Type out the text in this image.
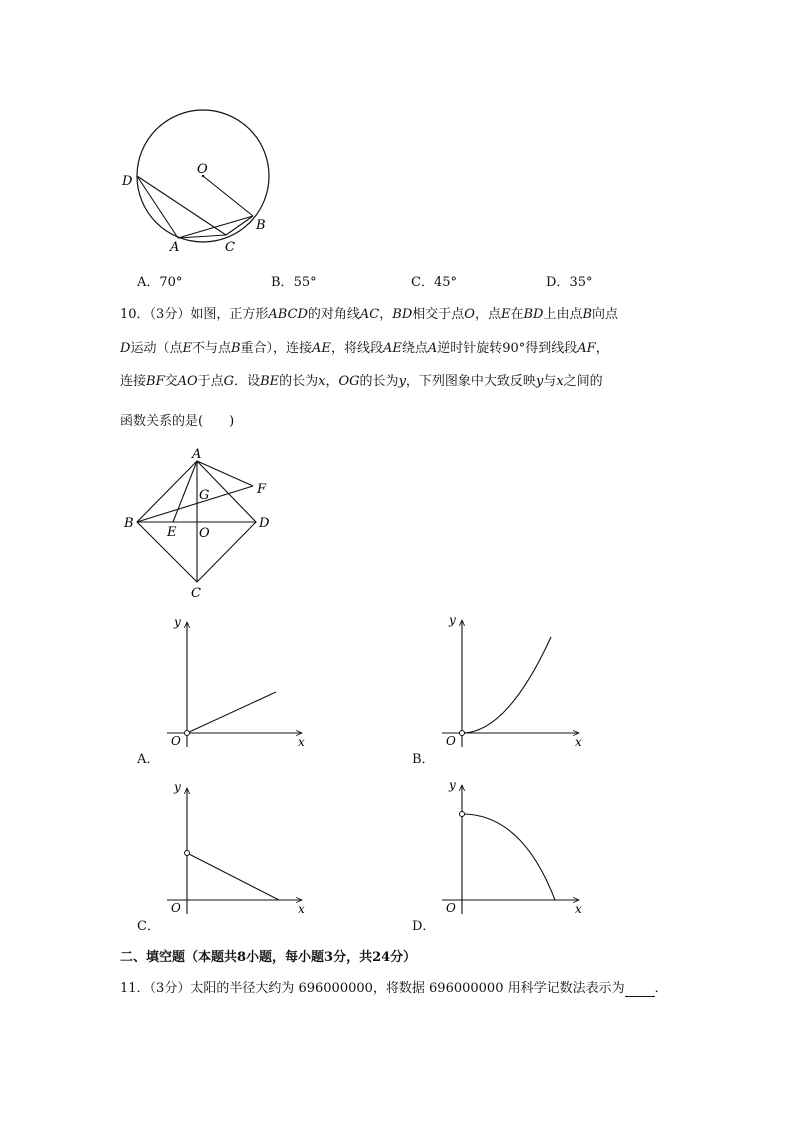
O
D
A	C
B
A．70°	B．55°	C．45°	D．35°
10．（3分）如图，正方形ABCD的对角线AC，BD相交于点O，点E在BD上由点B向点
D运动（点E不与点B重合），连接AE，将线段AE绕点A逆时针旋转90°得到线段AF，
连接BF交AO于点G．设BE的长为x，OG的长为y，下列图象中大致反映y与x之间的
函数关系的是(　　)
A
F
G
B
E O
D
C
y
x
O
A．
y
x
O
B．
y
x
O
C．
y
x
O
D．
二、填空题（本题共8小题，每小题3分，共24分）
11．（3分）太阳的半径大约为 696000000，将数据 696000000 用科学记数法表示为 ．
